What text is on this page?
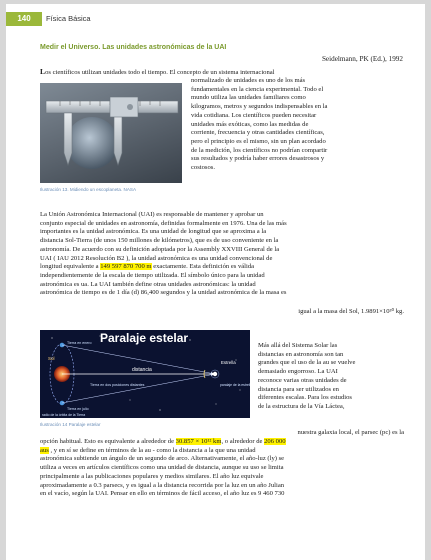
140	Física Básica
Medir el Universo. Las unidades astronómicas de la UAI
Seidelmann, PK (Ed.), 1992
Los científicos utilizan unidades todo el tiempo. El concepto de un sistema internacional
normalizado de unidades es uno de los más
fundamentales en la ciencia experimental. Todo el
mundo utiliza las unidades familiares como
kilogramos, metros y segundos indispensables en la
vida cotidiana. Los científicos pueden necesitar
unidades más exóticas, como las medidas de
corriente, frecuencia y otras cantidades científicas,
pero el principio es el mismo, sin un plan acordado
de la medición, los científicos no podrían compartir
sus resultados y podría haber errores desastrosos y
costosos.
Ilustración 13. Midiendo un escoplaneta. NASA
La Unión Astronómica Internacional (UAI) es responsable de mantener y aprobar un
conjunto especial de unidades en astronomía, definidas formalmente en 1976. Una de las más
importantes es la unidad astronómica. Es una unidad de longitud que se aproxima a la
distancia Sol-Tierra (de unos 150 millones de kilómetros), que es de uso conveniente en la
astronomía. De acuerdo con su definición adoptada por la Assembly XXVIII General de la
UAI ( IAU 2012 Resolución B2 ), la unidad astronómica es una unidad convencional de
longitud equivalente a 149 597 870 700 m exactamente. Esta definición es válida
independientemente de la escala de tiempo utilizada. El símbolo único para la unidad
astronómica es ua. La UAI también define otras unidades astronómicas: la unidad
astronómica de tiempo es de 1 día (d) 86,400 segundos y la unidad astronómica de la masa es
igual a la masa del Sol, 1.9891×10³⁰ kg.
Paralaje estelar
Sol
Tierra en enero
Tierra en julio
distancia
Tierra en dos posiciones distantes
radio de la órbita de la Tierra
Estrella
paralaje de la estrella
Ilustración 14 Paralaje estelar
Más allá del Sistema Solar las
distancias en astronomía son tan
grandes que el uso de la au se vuelve
demasiado engorroso. La UAI
reconoce varias otras unidades de
distancia para ser utilizados en
diferentes escalas. Para los estudios
de la estructura de la Vía Láctea,
nuestra galaxia local, el parsec (pc) es la
opción habitual. Esto es equivalente a alrededor de 30.857 × 10¹² km, o alrededor de 206 000
aus , y en sí se define en términos de la au - como la distancia a la que una unidad
astronómica subtiende un ángulo de un segundo de arco. Alternativamente, el año-luz (ly) se
utiliza a veces en artículos científicos como una unidad de distancia, aunque su uso se limita
principalmente a las publicaciones populares y medios similares. El año luz equivale
aproximadamente a 0.3 parsecs, y es igual a la distancia recorrida por la luz en un año Julian
en el vacío, según la UAI. Pensar en ello en términos de fácil acceso, el año luz es 9 460 730
